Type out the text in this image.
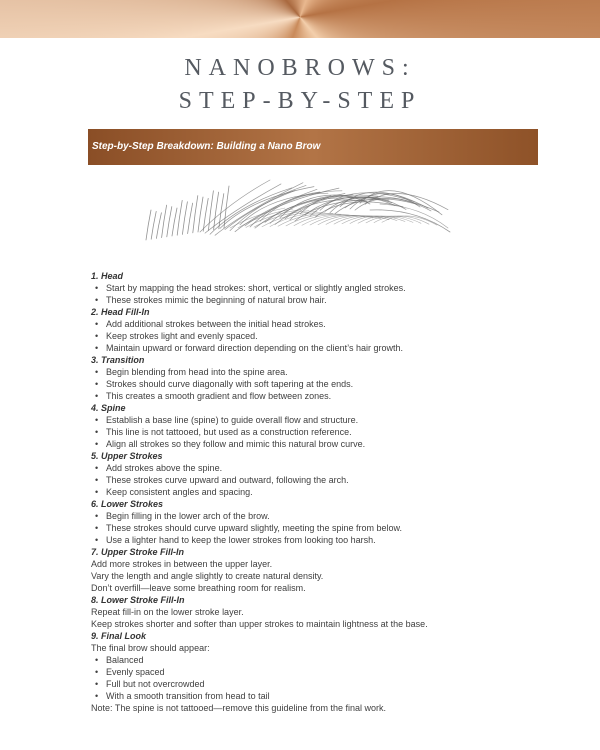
NANOBROWS:
STEP-BY-STEP
Step-by-Step Breakdown: Building a Nano Brow
1. Head
• Start by mapping the head strokes: short, vertical or slightly angled strokes.
• These strokes mimic the beginning of natural brow hair.
2. Head Fill-In
• Add additional strokes between the initial head strokes.
• Keep strokes light and evenly spaced.
• Maintain upward or forward direction depending on the client’s hair growth.
3. Transition
• Begin blending from head into the spine area.
• Strokes should curve diagonally with soft tapering at the ends.
• This creates a smooth gradient and flow between zones.
4. Spine
• Establish a base line (spine) to guide overall flow and structure.
• This line is not tattooed, but used as a construction reference.
• Align all strokes so they follow and mimic this natural brow curve.
5. Upper Strokes
• Add strokes above the spine.
• These strokes curve upward and outward, following the arch.
• Keep consistent angles and spacing.
6. Lower Strokes
• Begin filling in the lower arch of the brow.
• These strokes should curve upward slightly, meeting the spine from below.
• Use a lighter hand to keep the lower strokes from looking too harsh.
7. Upper Stroke Fill-In

Add more strokes in between the upper layer.

Vary the length and angle slightly to create natural density.

Don’t overfill—leave some breathing room for realism.

8. Lower Stroke Fill-In

Repeat fill-in on the lower stroke layer.

Keep strokes shorter and softer than upper strokes to maintain lightness at the base.

9. Final Look

The final brow should appear:

• Balanced
• Evenly spaced
• Full but not overcrowded
• With a smooth transition from head to tail

Note: The spine is not tattooed—remove this guideline from the final work.
